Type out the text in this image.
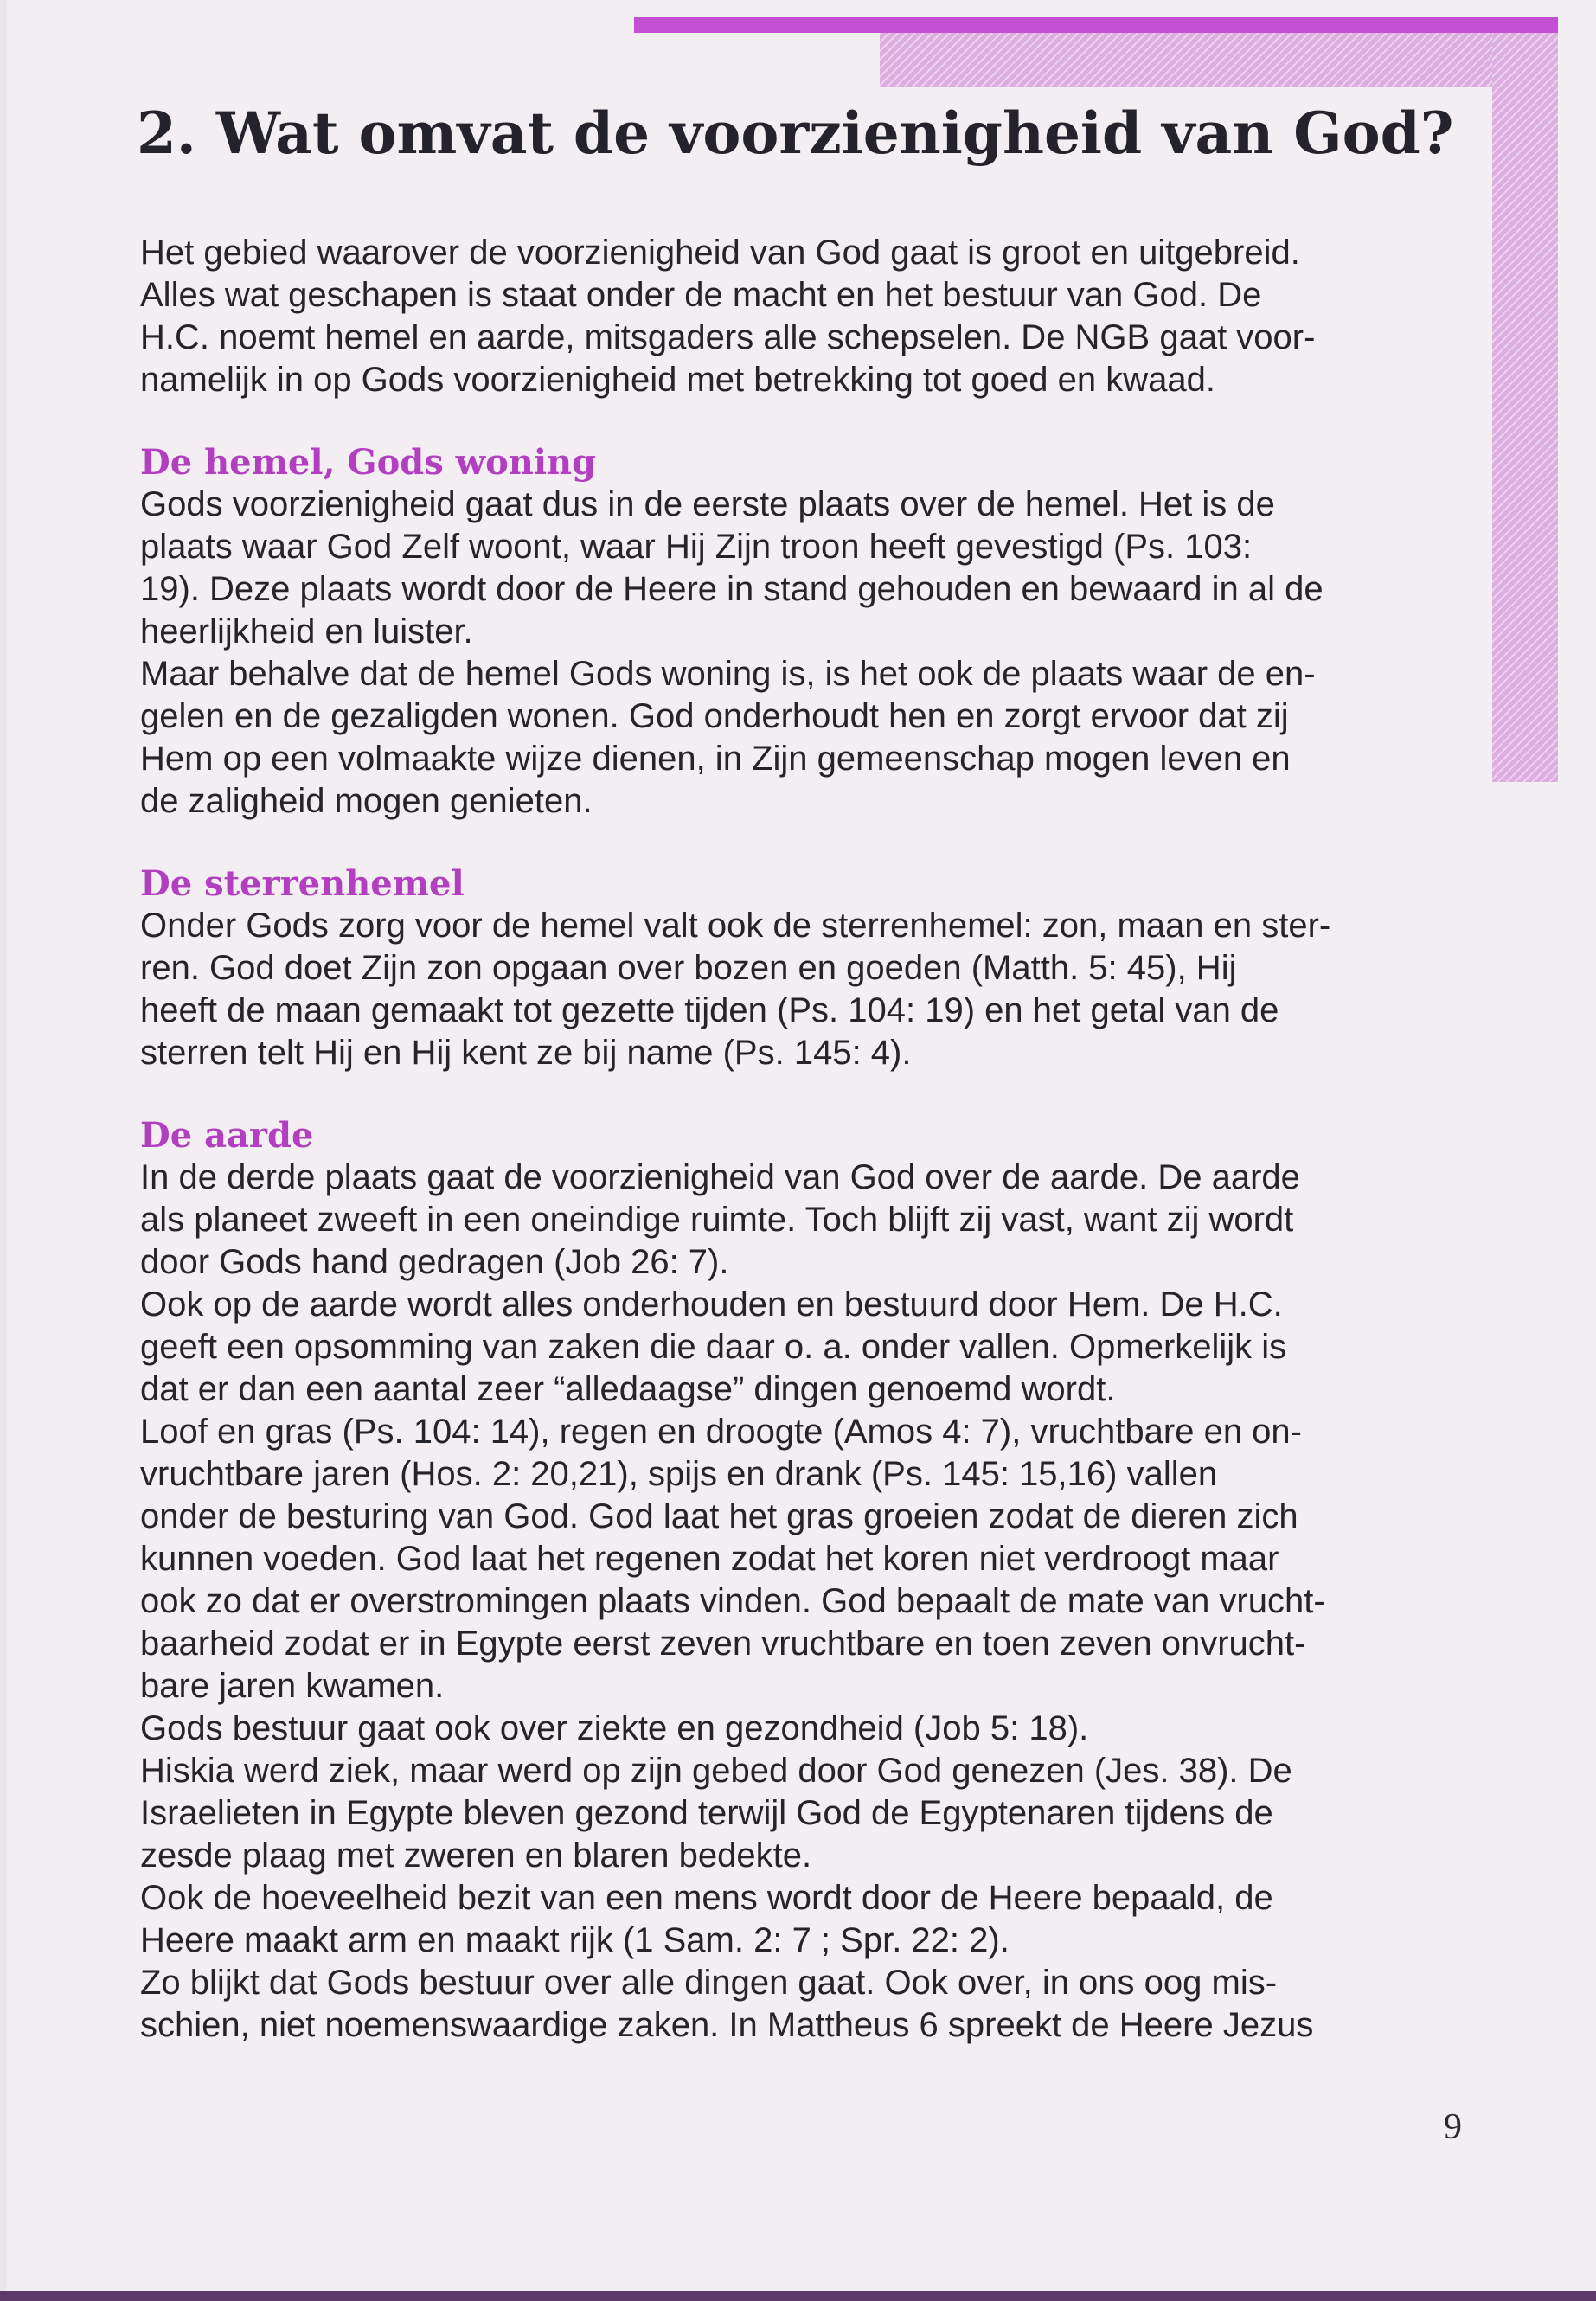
2. Wat omvat de voorzienigheid van God?

Het gebied waarover de voorzienigheid van God gaat is groot en uitgebreid.

Alles wat geschapen is staat onder de macht en het bestuur van God. De

H.C. noemt hemel en aarde, mitsgaders alle schepselen. De NGB gaat voor-

namelijk in op Gods voorzienigheid met betrekking tot goed en kwaad.

De hemel, Gods woning

Gods voorzienigheid gaat dus in de eerste plaats over de hemel. Het is de

plaats waar God Zelf woont, waar Hij Zijn troon heeft gevestigd (Ps. 103:

19). Deze plaats wordt door de Heere in stand gehouden en bewaard in al de

heerlijkheid en luister.

Maar behalve dat de hemel Gods woning is, is het ook de plaats waar de en-

gelen en de gezaligden wonen. God onderhoudt hen en zorgt ervoor dat zij

Hem op een volmaakte wijze dienen, in Zijn gemeenschap mogen leven en

de zaligheid mogen genieten.

De sterrenhemel

Onder Gods zorg voor de hemel valt ook de sterrenhemel: zon, maan en ster-

ren. God doet Zijn zon opgaan over bozen en goeden (Matth. 5: 45), Hij

heeft de maan gemaakt tot gezette tijden (Ps. 104: 19) en het getal van de

sterren telt Hij en Hij kent ze bij name (Ps. 145: 4).

De aarde

In de derde plaats gaat de voorzienigheid van God over de aarde. De aarde

als planeet zweeft in een oneindige ruimte. Toch blijft zij vast, want zij wordt

door Gods hand gedragen (Job 26: 7).

Ook op de aarde wordt alles onderhouden en bestuurd door Hem. De H.C.

geeft een opsomming van zaken die daar o. a. onder vallen. Opmerkelijk is

dat er dan een aantal zeer “alledaagse” dingen genoemd wordt.

Loof en gras (Ps. 104: 14), regen en droogte (Amos 4: 7), vruchtbare en on-

vruchtbare jaren (Hos. 2: 20,21), spijs en drank (Ps. 145: 15,16) vallen

onder de besturing van God. God laat het gras groeien zodat de dieren zich

kunnen voeden. God laat het regenen zodat het koren niet verdroogt maar

ook zo dat er overstromingen plaats vinden. God bepaalt de mate van vrucht-

baarheid zodat er in Egypte eerst zeven vruchtbare en toen zeven onvrucht-

bare jaren kwamen.

Gods bestuur gaat ook over ziekte en gezondheid (Job 5: 18).

Hiskia werd ziek, maar werd op zijn gebed door God genezen (Jes. 38). De

Israelieten in Egypte bleven gezond terwijl God de Egyptenaren tijdens de

zesde plaag met zweren en blaren bedekte.

Ook de hoeveelheid bezit van een mens wordt door de Heere bepaald, de

Heere maakt arm en maakt rijk (1 Sam. 2: 7 ; Spr. 22: 2).

Zo blijkt dat Gods bestuur over alle dingen gaat. Ook over, in ons oog mis-

schien, niet noemenswaardige zaken. In Mattheus 6 spreekt de Heere Jezus

9
